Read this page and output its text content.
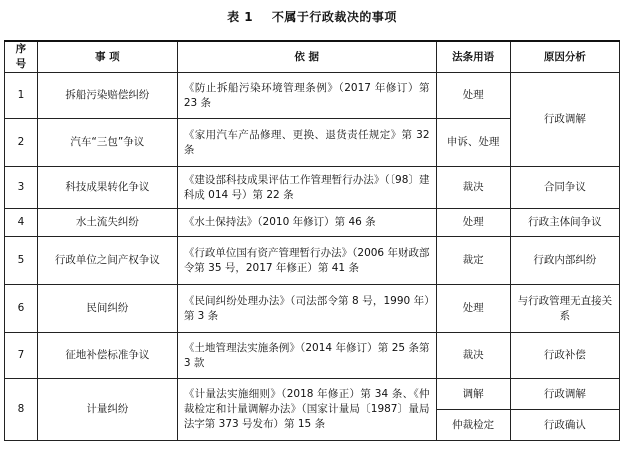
表 1 不属于行政裁决的事项
序号	事 项	依 据	法条用语	原因分析
1	拆船污染赔偿纠纷	《防止拆船污染环境管理条例》（2017 年修订）第 23 条	处理	行政调解
2	汽车“三包”争议	《家用汽车产品修理、更换、退货责任规定》第 32 条	申诉、处理	
3	科技成果转化争议	《建设部科技成果评估工作管理暂行办法》（〔98〕建科成 014 号）第 22 条	裁决	合同争议
4	水土流失纠纷	《水土保持法》（2010 年修订）第 46 条	处理	行政主体间争议
5	行政单位之间产权争议	《行政单位国有资产管理暂行办法》（2006 年财政部令第 35 号，2017 年修正）第 41 条	裁定	行政内部纠纷
6	民间纠纷	《民间纠纷处理办法》（司法部令第 8 号，1990 年）第 3 条	处理	与行政管理无直接关系
7	征地补偿标准争议	《土地管理法实施条例》（2014 年修订）第 25 条第 3 款	裁决	行政补偿
8	计量纠纷	《计量法实施细则》（2018 年修正）第 34 条、《仲裁检定和计量调解办法》（国家计量局〔1987〕量局法字第 373 号发布）第 15 条	调解	行政调解
			仲裁检定	行政确认
